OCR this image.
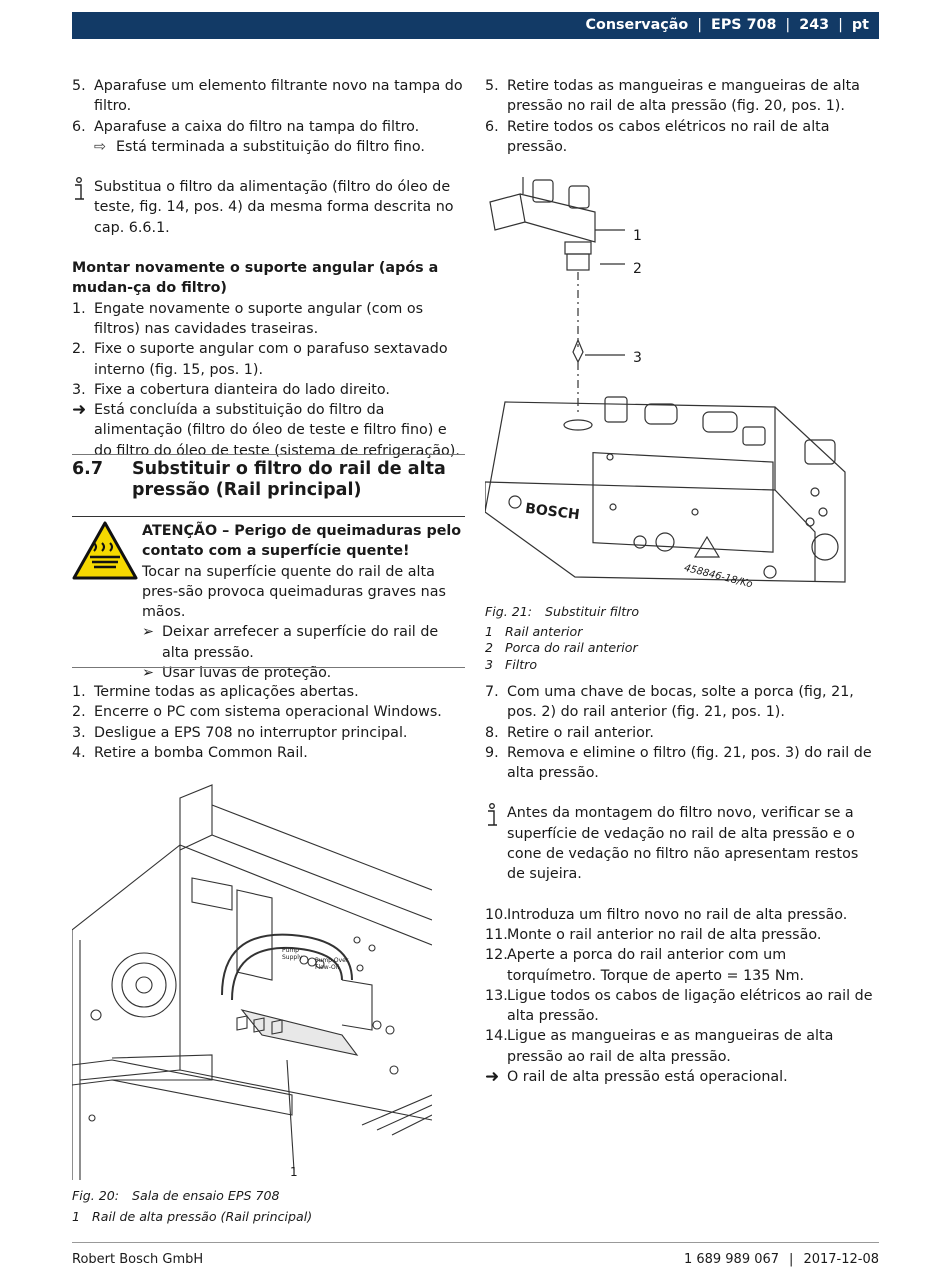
Conservação | EPS 708 | 243 | pt
5. Aparafuse um elemento filtrante novo na tampa do filtro.
6. Aparafuse a caixa do filtro na tampa do filtro.
⇨ Está terminada a substituição do filtro fino.
Substitua o filtro da alimentação (filtro do óleo de teste, fig. 14, pos. 4) da mesma forma descrita no cap. 6.6.1.
Montar novamente o suporte angular (após a mudan-ça do filtro)
1. Engate novamente o suporte angular (com os filtros) nas cavidades traseiras.
2. Fixe o suporte angular com o parafuso sextavado interno (fig. 15, pos. 1).
3. Fixe a cobertura dianteira do lado direito.
➜ Está concluída a substituição do filtro da alimentação (filtro do óleo de teste e filtro fino) e do filtro do óleo de teste (sistema de refrigeração).
6.7	Substituir o filtro do rail de alta pressão (Rail principal)
ATENÇÃO – Perigo de queimaduras pelo contato com a superfície quente!
Tocar na superfície quente do rail de alta pres-são provoca queimaduras graves nas mãos.
➢ Deixar arrefecer a superfície do rail de alta pressão.
➢ Usar luvas de proteção.
1. Termine todas as aplicações abertas.
2. Encerre o PC com sistema operacional Windows.
3. Desligue a EPS 708 no interruptor principal.
4. Retire a bomba Common Rail.
Pump Supply	Pump Over Flow-Oil
1
Fig. 20: Sala de ensaio EPS 708
1 Rail de alta pressão (Rail principal)
5. Retire todas as mangueiras e mangueiras de alta pressão no rail de alta pressão (fig. 20, pos. 1).
6. Retire todos os cabos elétricos no rail de alta pressão.
1
2
3
BOSCH
458846-18/Ko
Fig. 21: Substituir filtro
1 Rail anterior
2 Porca do rail anterior
3 Filtro
7. Com uma chave de bocas, solte a porca (fig, 21, pos. 2) do rail anterior (fig. 21, pos. 1).
8. Retire o rail anterior.
9. Remova e elimine o filtro (fig. 21, pos. 3) do rail de alta pressão.
Antes da montagem do filtro novo, verificar se a superfície de vedação no rail de alta pressão e o cone de vedação no filtro não apresentam restos de sujeira.
10. Introduza um filtro novo no rail de alta pressão.
11. Monte o rail anterior no rail de alta pressão.
12. Aperte a porca do rail anterior com um torquímetro. Torque de aperto = 135 Nm.
13. Ligue todos os cabos de ligação elétricos ao rail de alta pressão.
14. Ligue as mangueiras e as mangueiras de alta pressão ao rail de alta pressão.
➜ O rail de alta pressão está operacional.
Robert Bosch GmbH	1 689 989 067 | 2017-12-08
